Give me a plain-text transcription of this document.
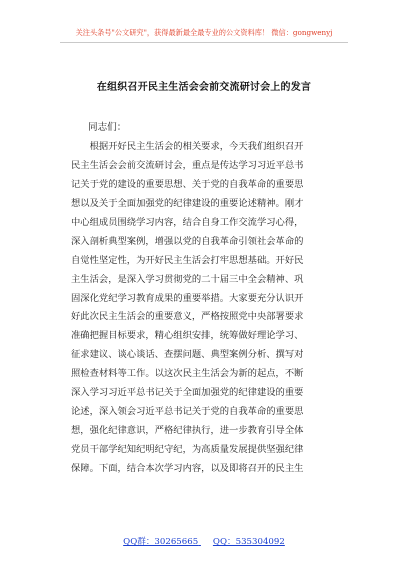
关注头条号"公文研究"，获得最新最全最专业的公文资料库！ 微信：gongwenyj
在组织召开民主生活会会前交流研讨会上的发言
同志们：
　　根据开好民主生活会的相关要求，今天我们组织召开
民主生活会会前交流研讨会，重点是传达学习习近平总书
记关于党的建设的重要思想、关于党的自我革命的重要思
想以及关于全面加强党的纪律建设的重要论述精神。刚才
中心组成员围绕学习内容，结合自身工作交流学习心得，
深入剖析典型案例，增强以党的自我革命引领社会革命的
自觉性坚定性，为开好民主生活会打牢思想基础。开好民
主生活会，是深入学习贯彻党的二十届三中全会精神、巩
固深化党纪学习教育成果的重要举措。大家要充分认识开
好此次民主生活会的重要意义，严格按照党中央部署要求
准确把握目标要求，精心组织安排，统筹做好理论学习、
征求建议、谈心谈话、查摆问题、典型案例分析、撰写对
照检查材料等工作。以这次民主生活会为新的起点，不断
深入学习习近平总书记关于全面加强党的纪律建设的重要
论述，深入领会习近平总书记关于党的自我革命的重要思
想，强化纪律意识，严格纪律执行，进一步教育引导全体
党员干部学纪知纪明纪守纪，为高质量发展提供坚强纪律
保障。下面，结合本次学习内容，以及即将召开的民主生
QQ群：30265665 QQ：535304092
